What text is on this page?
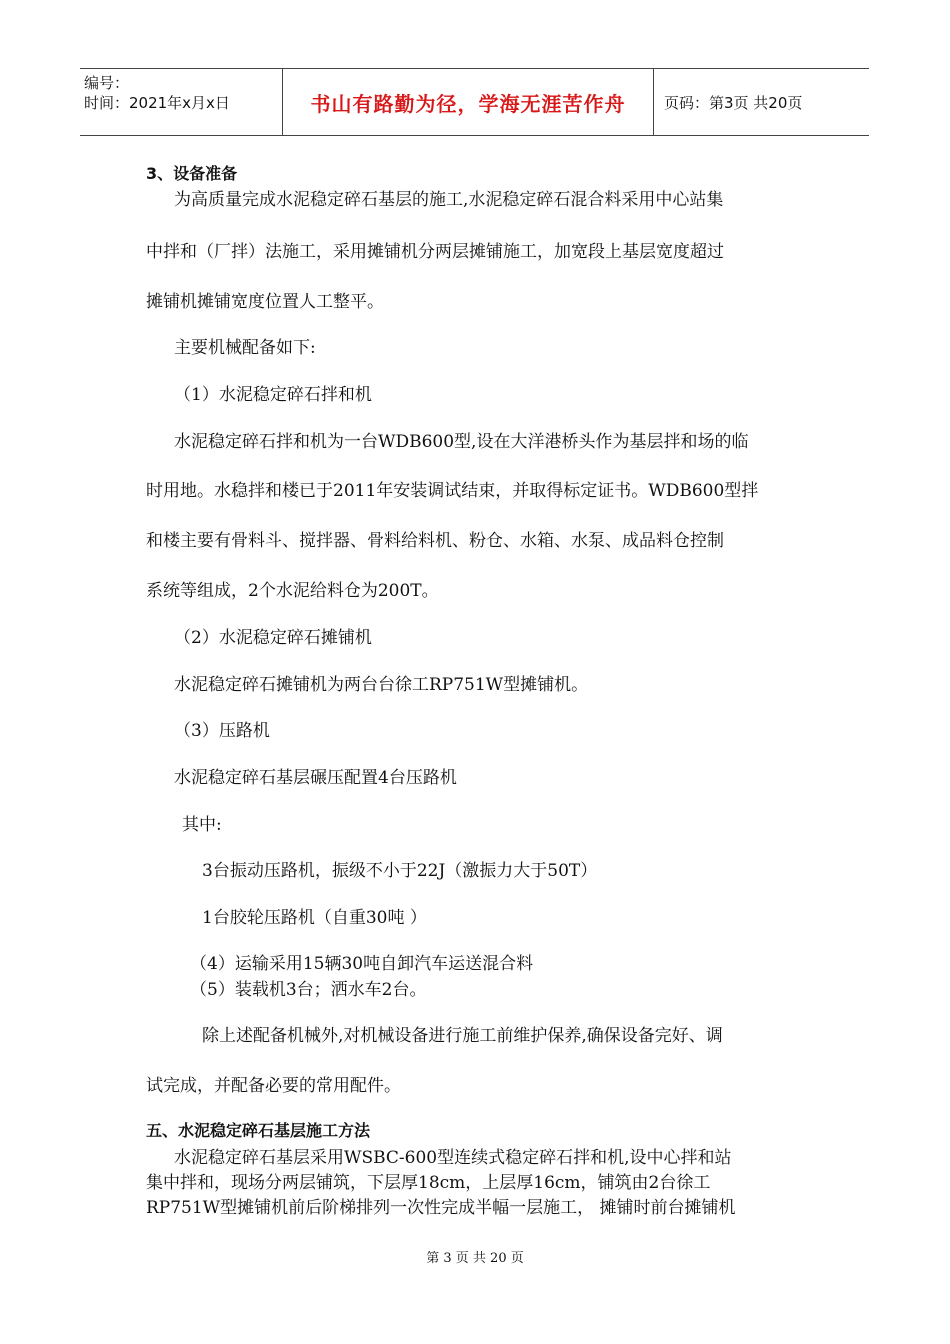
编号：
时间：2021年x月x日	书山有路勤为径，学海无涯苦作舟	页码：第3页 共20页
3、设备准备
为高质量完成水泥稳定碎石基层的施工,水泥稳定碎石混合料采用中心站集
中拌和（厂拌）法施工，采用摊铺机分两层摊铺施工，加宽段上基层宽度超过
摊铺机摊铺宽度位置人工整平。
主要机械配备如下:
（1）水泥稳定碎石拌和机
水泥稳定碎石拌和机为一台WDB600型,设在大洋港桥头作为基层拌和场的临
时用地。水稳拌和楼已于2011年安装调试结束，并取得标定证书。WDB600型拌
和楼主要有骨料斗、搅拌器、骨料给料机、粉仓、水箱、水泵、成品料仓控制
系统等组成，2个水泥给料仓为200T。
（2）水泥稳定碎石摊铺机
水泥稳定碎石摊铺机为两台台徐工RP751W型摊铺机。
（3）压路机
水泥稳定碎石基层碾压配置4台压路机
其中:
3台振动压路机，振级不小于22J（激振力大于50T）
1台胶轮压路机（自重30吨 ）
（4）运输采用15辆30吨自卸汽车运送混合料
（5）装载机3台；洒水车2台。
除上述配备机械外,对机械设备进行施工前维护保养,确保设备完好、调
试完成，并配备必要的常用配件。
五、水泥稳定碎石基层施工方法
水泥稳定碎石基层采用WSBC-600型连续式稳定碎石拌和机,设中心拌和站
集中拌和，现场分两层铺筑，下层厚18cm，上层厚16cm，铺筑由2台徐工
RP751W型摊铺机前后阶梯排列一次性完成半幅一层施工， 摊铺时前台摊铺机
第 3 页 共 20 页
